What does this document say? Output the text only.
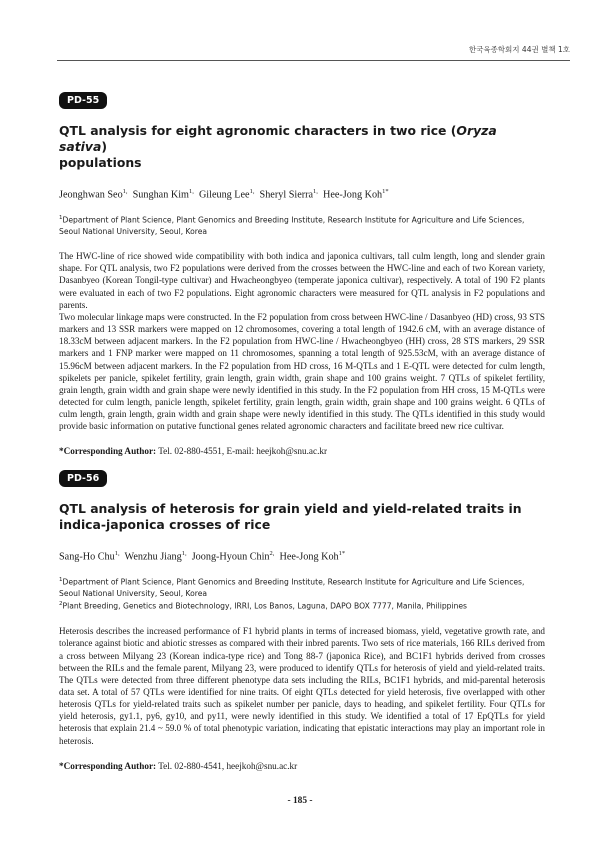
한국육종학회지 44권 별책 1호
PD-55
QTL analysis for eight agronomic characters in two rice (Oryza sativa)
populations
Jeonghwan Seo$^{1,}$ Sunghan Kim$^{1,}$ Gileung Lee$^{1,}$ Sheryl Sierra$^{1,}$ Hee-Jong Koh$^{1*}$
$^1$Department of Plant Science, Plant Genomics and Breeding Institute, Research Institute for Agriculture and Life Sciences, Seoul National University, Seoul, Korea

The HWC-line of rice showed wide compatibility with both indica and japonica cultivars, tall culm length, long and slender grain shape. For QTL analysis, two F2 populations were derived from the crosses between the HWC-line and each of two Korean variety, Dasanbyeo (Korean Tongil-type cultivar) and Hwacheongbyeo (temperate japonica cultivar), respectively. A total of 190 F2 plants were evaluated in each of two F2 populations. Eight agronomic characters were measured for QTL analysis in F2 populations and parents.

Two molecular linkage maps were constructed. In the F2 population from cross between HWC-line / Dasanbyeo (HD) cross, 93 STS markers and 13 SSR markers were mapped on 12 chromosomes, covering a total length of 1942.6 cM, with an average distance of 18.33cM between adjacent markers. In the F2 population from HWC-line / Hwacheongbyeo (HH) cross, 28 STS markers, 29 SSR markers and 1 FNP marker were mapped on 11 chromosomes, spanning a total length of 925.53cM, with an average distance of 15.96cM between adjacent markers. In the F2 population from HD cross, 16 M-QTLs and 1 E-QTL were detected for culm length, spikelets per panicle, spikelet fertility, grain length, grain width, grain shape and 100 grains weight. 7 QTLs of spikelet fertility, grain length, grain width and grain shape were newly identified in this study. In the F2 population from HH cross, 15 M-QTLs were detected for culm length, panicle length, spikelet fertility, grain length, grain width, grain shape and 100 grains weight. 6 QTLs of culm length, grain length, grain width and grain shape were newly identified in this study. The QTLs identified in this study would provide basic information on putative functional genes related agronomic characters and facilitate breed new rice cultivar.

*Corresponding Author: Tel. 02-880-4551, E-mail: heejkoh@snu.ac.kr
PD-56
QTL analysis of heterosis for grain yield and yield-related traits in
indica-japonica crosses of rice
Sang-Ho Chu$^{1,}$ Wenzhu Jiang$^{1,}$ Joong-Hyoun Chin$^{2,}$ Hee-Jong Koh$^{1*}$
$^1$Department of Plant Science, Plant Genomics and Breeding Institute, Research Institute for Agriculture and Life Sciences, Seoul National University, Seoul, Korea
$^2$Plant Breeding, Genetics and Biotechnology, IRRI, Los Banos, Laguna, DAPO BOX 7777, Manila, Philippines

Heterosis describes the increased performance of F1 hybrid plants in terms of increased biomass, yield, vegetative growth rate, and tolerance against biotic and abiotic stresses as compared with their inbred parents. Two sets of rice materials, 166 RILs derived from a cross between Milyang 23 (Korean indica-type rice) and Tong 88-7 (japonica Rice), and BC1F1 hybrids derived from crosses between the RILs and the female parent, Milyang 23, were produced to identify QTLs for heterosis of yield and yield-related traits. The QTLs were detected from three different phenotype data sets including the RILs, BC1F1 hybrids, and mid-parental heterosis data set. A total of 57 QTLs were identified for nine traits. Of eight QTLs detected for yield heterosis, five overlapped with other heterosis QTLs for yield-related traits such as spikelet number per panicle, days to heading, and spikelet fertility. Four QTLs for yield heterosis, gy1.1, py6, gy10, and py11, were newly identified in this study. We identified a total of 17 EpQTLs for yield heterosis that explain 21.4 ~ 59.0 % of total phenotypic variation, indicating that epistatic interactions may play an important role in heterosis.

*Corresponding Author: Tel. 02-880-4541, heejkoh@snu.ac.kr
- 185 -
